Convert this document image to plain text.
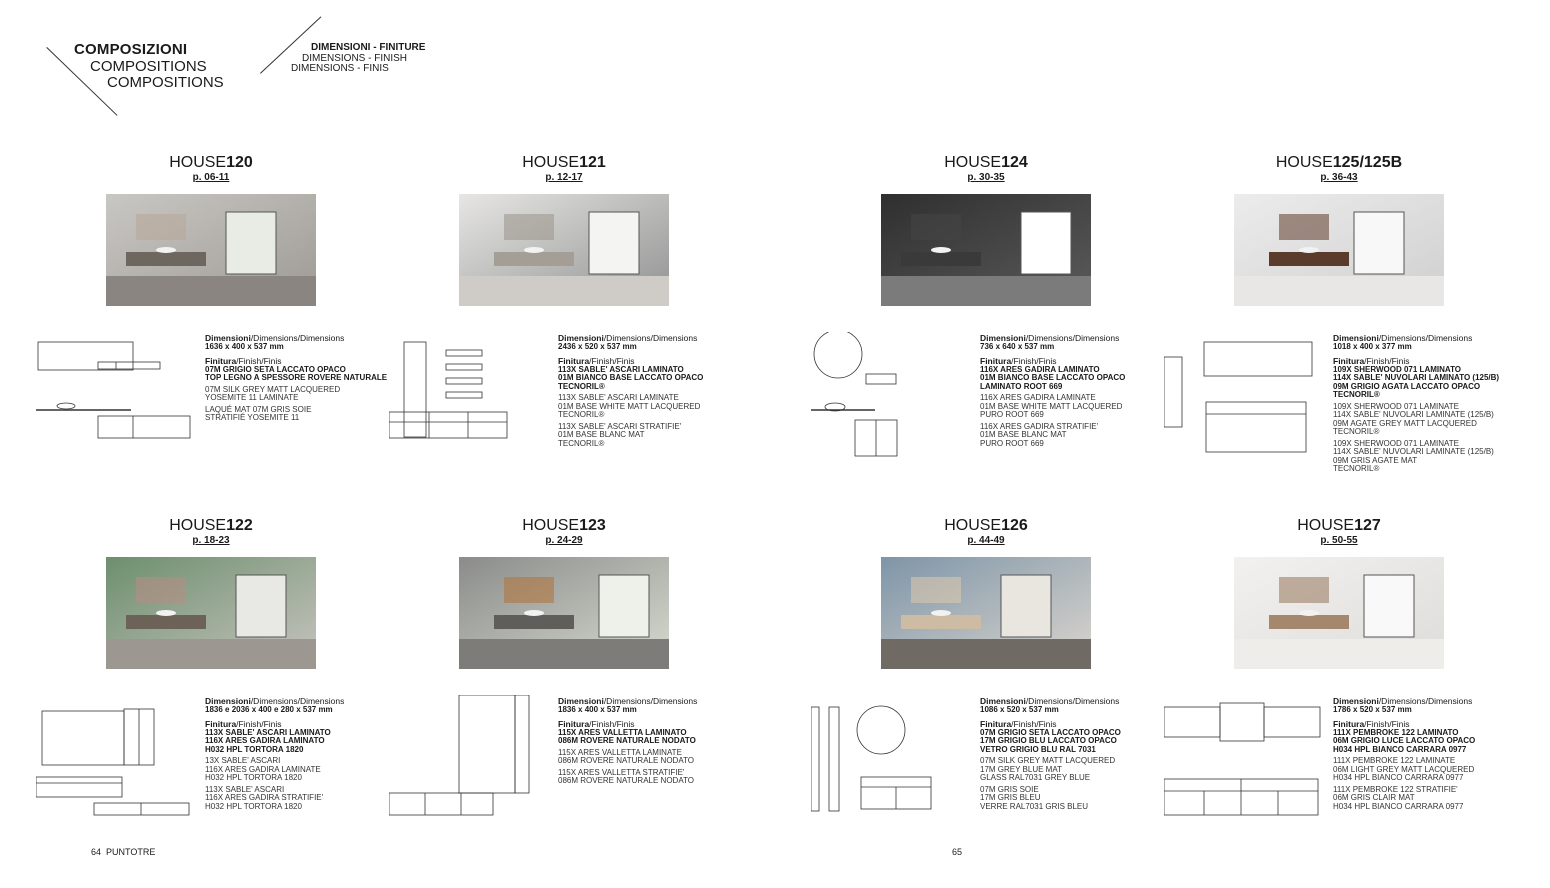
COMPOSIZIONI
COMPOSITIONS
COMPOSITIONS
DIMENSIONI - FINITURE
DIMENSIONS - FINISH
DIMENSIONS - FINIS
HOUSE120
p. 06-11
Dimensioni/Dimensions/Dimensions
1636 x 400 x 537 mm
Finitura/Finish/Finis
07M GRIGIO SETA LACCATO OPACO
TOP LEGNO A SPESSORE ROVERE NATURALE
07M SILK GREY MATT LACQUERED
YOSEMITE 11 LAMINATE
LAQUÉ MAT 07M GRIS SOIE
STRATIFIÉ YOSEMITE 11
HOUSE121
p. 12-17
Dimensioni/Dimensions/Dimensions
2436 x 520 x 537 mm
Finitura/Finish/Finis
113X SABLE' ASCARI LAMINATO
01M BIANCO BASE LACCATO OPACO
TECNORIL®
113X SABLE' ASCARI LAMINATE
01M BASE WHITE MATT LACQUERED
TECNORIL®
113X SABLE' ASCARI STRATIFIE'
01M BASE BLANC MAT
TECNORIL®
HOUSE124
p. 30-35
Dimensioni/Dimensions/Dimensions
736 x 640 x 537 mm
Finitura/Finish/Finis
116X ARES GADIRA LAMINATO
01M BIANCO BASE LACCATO OPACO
LAMINATO ROOT 669
116X ARES GADIRA LAMINATE
01M BASE WHITE MATT LACQUERED
PURO ROOT 669
116X ARES GADIRA STRATIFIE'
01M BASE BLANC MAT
PURO ROOT 669
HOUSE125/125B
p. 36-43
Dimensioni/Dimensions/Dimensions
1018 x 400 x 377 mm
Finitura/Finish/Finis
109X SHERWOOD 071 LAMINATO
114X SABLE' NUVOLARI LAMINATO (125/B)
09M GRIGIO AGATA LACCATO OPACO
TECNORIL®
109X SHERWOOD 071 LAMINATE
114X SABLE' NUVOLARI LAMINATE (125/B)
09M AGATE GREY MATT LACQUERED
TECNORIL®
109X SHERWOOD 071 LAMINATE
114X SABLE' NUVOLARI LAMINATE (125/B)
09M GRIS AGATE MAT
TECNORIL®
HOUSE122
p. 18-23
Dimensioni/Dimensions/Dimensions
1836 e 2036 x 400 e 280 x 537 mm
Finitura/Finish/Finis
113X SABLE' ASCARI LAMINATO
116X ARES GADIRA LAMINATO
H032 HPL TORTORA 1820
13X SABLE' ASCARI
116X ARES GADIRA LAMINATE
H032 HPL TORTORA 1820
113X SABLE' ASCARI
116X ARES GADIRA STRATIFIE'
H032 HPL TORTORA 1820
HOUSE123
p. 24-29
Dimensioni/Dimensions/Dimensions
1836 x 400 x 537 mm
Finitura/Finish/Finis
115X ARES VALLETTA LAMINATO
086M ROVERE NATURALE NODATO
115X ARES VALLETTA LAMINATE
086M ROVERE NATURALE NODATO
115X ARES VALLETTA STRATIFIE'
086M ROVERE NATURALE NODATO
HOUSE126
p. 44-49
Dimensioni/Dimensions/Dimensions
1086 x 520 x 537 mm
Finitura/Finish/Finis
07M GRIGIO SETA LACCATO OPACO
17M GRIGIO BLU LACCATO OPACO
VETRO GRIGIO BLU RAL 7031
07M SILK GREY MATT LACQUERED
17M GREY BLUE MAT
GLASS RAL7031 GREY BLUE
07M GRIS SOIE
17M GRIS BLEU
VERRE RAL7031 GRIS BLEU
HOUSE127
p. 50-55
Dimensioni/Dimensions/Dimensions
1786 x 520 x 537 mm
Finitura/Finish/Finis
111X PEMBROKE 122 LAMINATO
06M GRIGIO LUCE LACCATO OPACO
H034 HPL BIANCO CARRARA 0977
111X PEMBROKE 122 LAMINATE
06M LIGHT GREY MATT LACQUERED
H034 HPL BIANCO CARRARA 0977
111X PEMBROKE 122 STRATIFIE'
06M GRIS CLAIR MAT
H034 HPL BIANCO CARRARA 0977
64 PUNTOTRE	65
